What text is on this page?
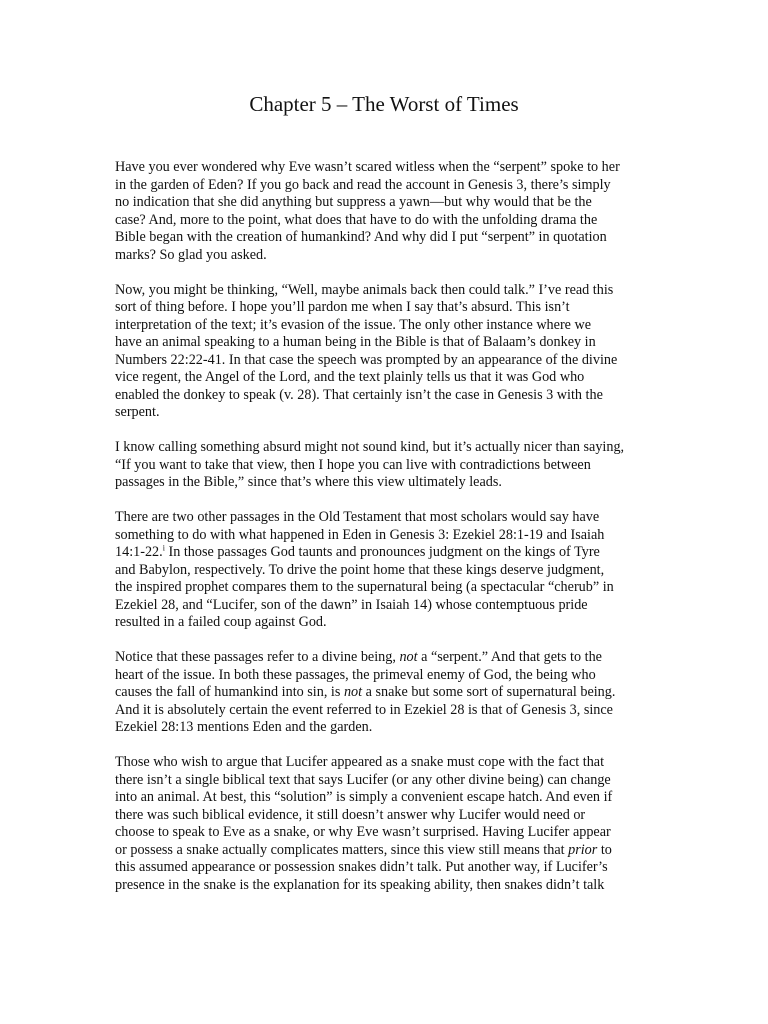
Chapter 5 – The Worst of Times

Have you ever wondered why Eve wasn’t scared witless when the “serpent” spoke to her
in the garden of Eden? If you go back and read the account in Genesis 3, there’s simply
no indication that she did anything but suppress a yawn—but why would that be the
case? And, more to the point, what does that have to do with the unfolding drama the
Bible began with the creation of humankind? And why did I put “serpent” in quotation
marks? So glad you asked.

Now, you might be thinking, “Well, maybe animals back then could talk.” I’ve read this
sort of thing before. I hope you’ll pardon me when I say that’s absurd. This isn’t
interpretation of the text; it’s evasion of the issue. The only other instance where we
have an animal speaking to a human being in the Bible is that of Balaam’s donkey in
Numbers 22:22-41. In that case the speech was prompted by an appearance of the divine
vice regent, the Angel of the Lord, and the text plainly tells us that it was God who
enabled the donkey to speak (v. 28). That certainly isn’t the case in Genesis 3 with the
serpent.

I know calling something absurd might not sound kind, but it’s actually nicer than saying,
“If you want to take that view, then I hope you can live with contradictions between
passages in the Bible,” since that’s where this view ultimately leads.

There are two other passages in the Old Testament that most scholars would say have
something to do with what happened in Eden in Genesis 3: Ezekiel 28:1-19 and Isaiah
14:1-22.$^i$ In those passages God taunts and pronounces judgment on the kings of Tyre
and Babylon, respectively. To drive the point home that these kings deserve judgment,
the inspired prophet compares them to the supernatural being (a spectacular “cherub” in
Ezekiel 28, and “Lucifer, son of the dawn” in Isaiah 14) whose contemptuous pride
resulted in a failed coup against God.

Notice that these passages refer to a divine being, not a “serpent.” And that gets to the
heart of the issue. In both these passages, the primeval enemy of God, the being who
causes the fall of humankind into sin, is not a snake but some sort of supernatural being.
And it is absolutely certain the event referred to in Ezekiel 28 is that of Genesis 3, since
Ezekiel 28:13 mentions Eden and the garden.

Those who wish to argue that Lucifer appeared as a snake must cope with the fact that
there isn’t a single biblical text that says Lucifer (or any other divine being) can change
into an animal. At best, this “solution” is simply a convenient escape hatch. And even if
there was such biblical evidence, it still doesn’t answer why Lucifer would need or
choose to speak to Eve as a snake, or why Eve wasn’t surprised. Having Lucifer appear
or possess a snake actually complicates matters, since this view still means that prior to
this assumed appearance or possession snakes didn’t talk. Put another way, if Lucifer’s
presence in the snake is the explanation for its speaking ability, then snakes didn’t talk
